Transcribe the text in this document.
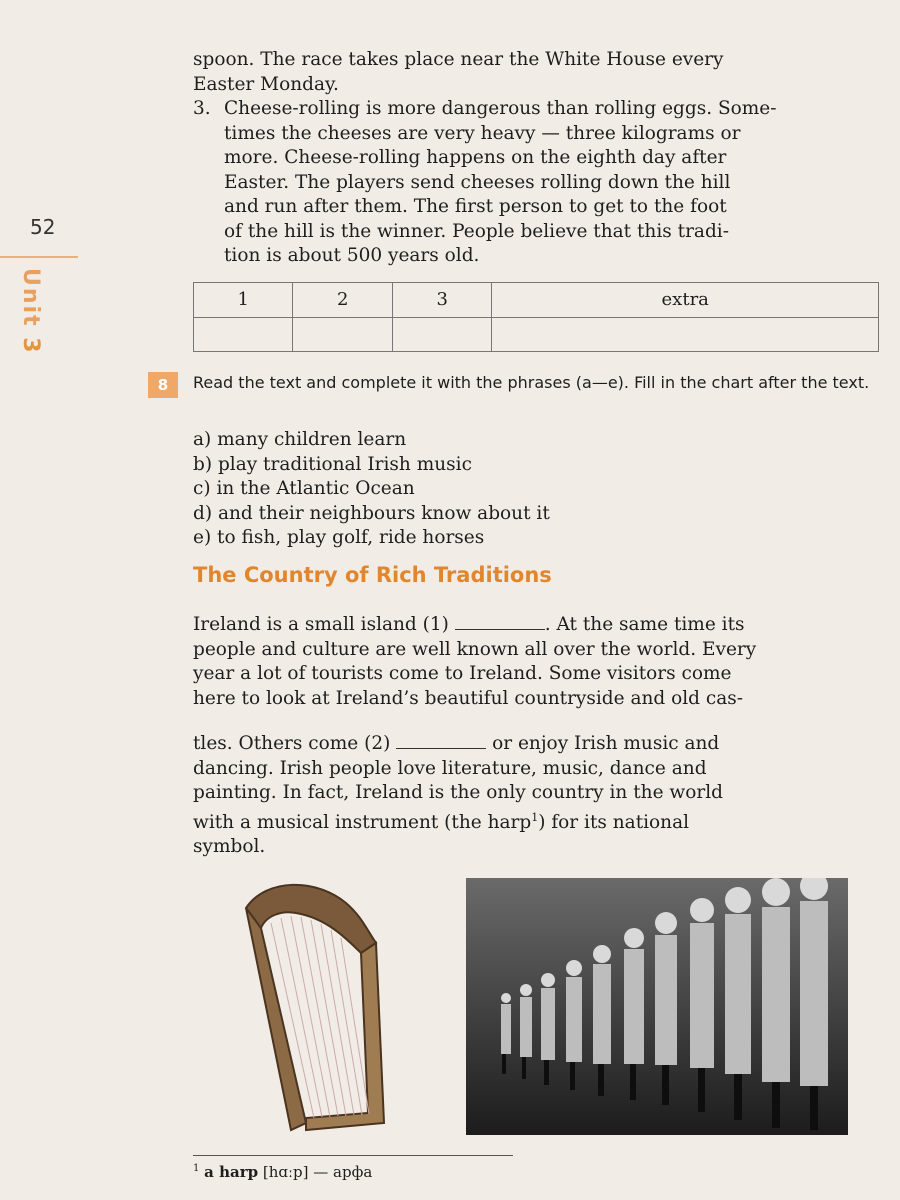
52
Unit 3
spoon. The race takes place near the White House every
Easter Monday.
3. Cheese-rolling is more dangerous than rolling eggs. Some-
times the cheeses are very heavy — three kilograms or
more. Cheese-rolling happens on the eighth day after
Easter. The players send cheeses rolling down the hill
and run after them. The first person to get to the foot
of the hill is the winner. People believe that this tradi-
tion is about 500 years old.
1	2	3	extra

8	Read the text and complete it with the phrases (a—e). Fill in the chart after the text.
a) many children learn
b) play traditional Irish music
c) in the Atlantic Ocean
d) and their neighbours know about it
e) to fish, play golf, ride horses
The Country of Rich Traditions
Ireland is a small island (1)	. At the same time its
people and culture are well known all over the world. Every
year a lot of tourists come to Ireland. Some visitors come
here to look at Ireland’s beautiful countryside and old cas-
tles. Others come (2)	or enjoy Irish music and
dancing. Irish people love literature, music, dance and
painting. In fact, Ireland is the only country in the world
with a musical instrument (the harp$^1$) for its national
symbol.
$^1$ a harp [hɑːp] — арфа
